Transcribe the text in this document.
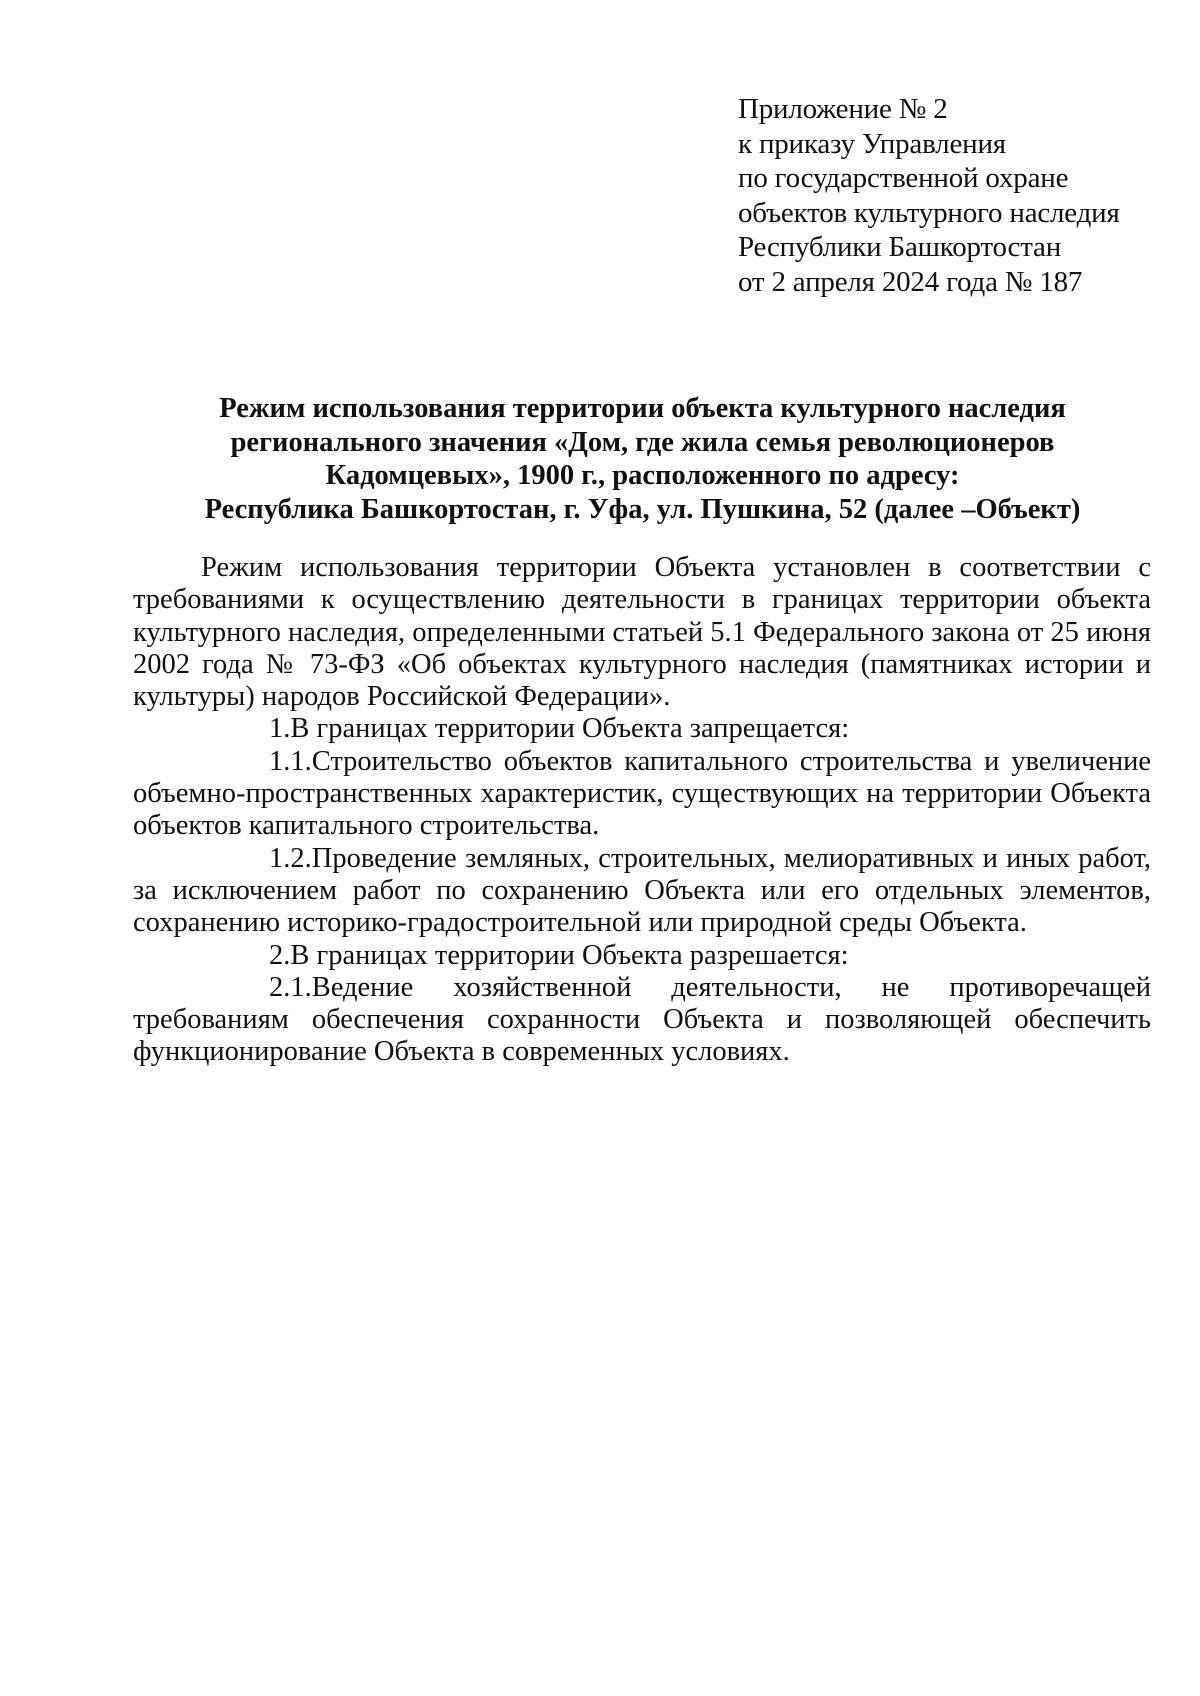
Приложение № 2
к приказу Управления
по государственной охране
объектов культурного наследия
Республики Башкортостан
от 2 апреля 2024 года № 187
Режим использования территории объекта культурного наследия
регионального значения «Дом, где жила семья революционеров
Кадомцевых», 1900 г., расположенного по адресу:
Республика Башкортостан, г. Уфа, ул. Пушкина, 52 (далее –Объект)

Режим использования территории Объекта установлен в соответствии с требованиями к осуществлению деятельности в границах территории объекта культурного наследия, определенными статьей 5.1 Федерального закона от 25 июня 2002 года № 73-ФЗ «Об объектах культурного наследия (памятниках истории и культуры) народов Российской Федерации».

1.В границах территории Объекта запрещается:

1.1.Строительство объектов капитального строительства и увеличение объемно-пространственных характеристик, существующих на территории Объекта объектов капитального строительства.

1.2.Проведение земляных, строительных, мелиоративных и иных работ, за исключением работ по сохранению Объекта или его отдельных элементов, сохранению историко-градостроительной или природной среды Объекта.

2.В границах территории Объекта разрешается:

2.1.Ведение хозяйственной деятельности, не противоречащей требованиям обеспечения сохранности Объекта и позволяющей обеспечить функционирование Объекта в современных условиях.
